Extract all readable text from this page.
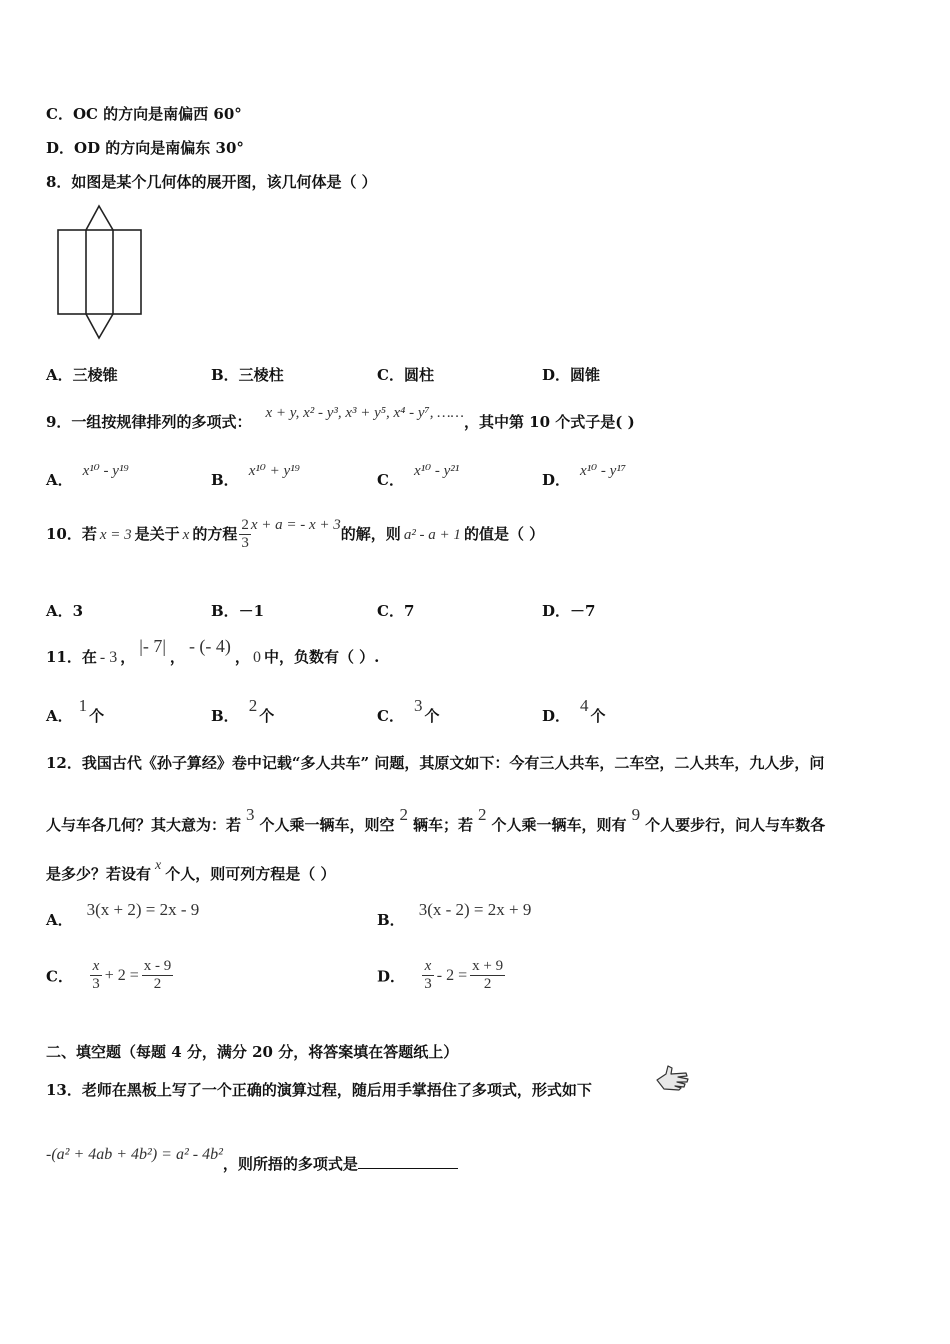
C．OC 的方向是南偏西 60°
D．OD 的方向是南偏东 30°
8．如图是某个几何体的展开图，该几何体是（ ）
A．三棱锥	B．三棱柱	C．圆柱	D．圆锥
9．一组按规律排列的多项式： x + y, x² - y³, x³ + y⁵, x⁴ - y⁷, ……，其中第 10 个式子是( )
A． x¹⁰ - y¹⁹	B． x¹⁰ + y¹⁹	C． x¹⁰ - y²¹	D． x¹⁰ - y¹⁷
10．若 x = 3 是关于 x 的方程 $\frac{2}{3}$ x + a = - x + 3的解，则 a² - a + 1 的值是（ ）
A．3	B．－1	C．7	D．－7
11．在 - 3 ，|- 7|，- (- 4)， 0 中，负数有（ ）.
A．1个	B．2个	C．3个	D．4个
12．我国古代《孙子算经》卷中记载“多人共车” 问题，其原文如下：今有三人共车，二车空，二人共车，九人步，问
人与车各几何？其大意为：若3个人乘一辆车，则空2辆车；若2个人乘一辆车，则有9个人要步行，问人与车数各
是多少？若设有 x 个人，则可列方程是（ ）
A．3(x + 2) = 2x - 9
B．3(x - 2) = 2x + 9
C． $\frac{x}{3} + 2 = \frac{x - 9}{2}$	D． $\frac{x}{3} - 2 = \frac{x + 9}{2}$
二、填空题（每题 4 分，满分 20 分，将答案填在答题纸上）
13．老师在黑板上写了一个正确的演算过程，随后用手掌捂住了多项式，形式如下
-(a² + 4ab + 4b²) = a² - 4b²，则所捂的多项式是
